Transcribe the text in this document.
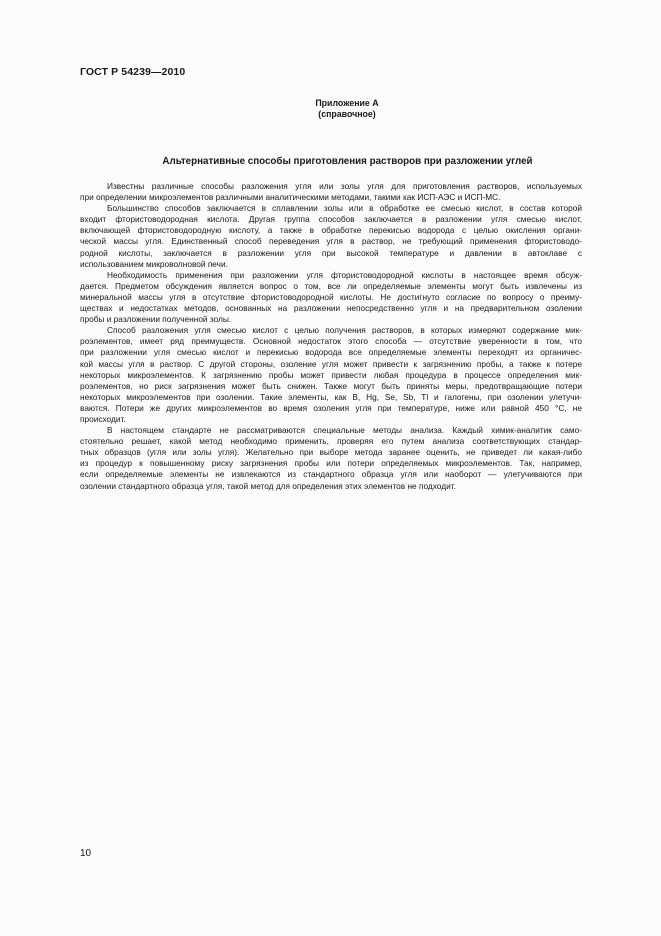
ГОСТ Р 54239—2010
Приложение А
(справочное)
Альтернативные способы приготовления растворов при разложении углей
Известны различные способы разложения угля или золы угля для приготовления растворов, используемых
при определении микроэлементов различными аналитическими методами, такими как ИСП-АЭС и ИСП-МС.
Большинство способов заключается в сплавлении золы или в обработке ее смесью кислот, в состав которой
входит фтористоводородная кислота. Другая группа способов заключается в разложении угля смесью кислот,
включающей фтористоводородную кислоту, а также в обработке перекисью водорода с целью окисления органи-
ческой массы угля. Единственный способ переведения угля в раствор, не требующий применения фтористоводо-
родной кислоты, заключается в разложении угля при высокой температуре и давлении в автоклаве с
использованием микроволновой печи.
Необходимость применения при разложении угля фтористоводородной кислоты в настоящее время обсуж-
дается. Предметом обсуждения является вопрос о том, все ли определяемые элементы могут быть извлечены из
минеральной массы угля в отсутствие фтористоводородной кислоты. Не достигнуто согласие по вопросу о преиму-
ществах и недостатках методов, основанных на разложении непосредственно угля и на предварительном озолении
пробы и разложении полученной золы.
Способ разложения угля смесью кислот с целью получения растворов, в которых измеряют содержание мик-
роэлементов, имеет ряд преимуществ. Основной недостаток этого способа — отсутствие уверенности в том, что
при разложении угля смесью кислот и перекисью водорода все определяемые элементы переходят из органичес-
кой массы угля в раствор. С другой стороны, озоление угля может привести к загрязнению пробы, а также к потере
некоторых микроэлементов. К загрязнению пробы может привести любая процедура в процессе определения мик-
роэлементов, но риск загрязнения может быть снижен. Также могут быть приняты меры, предотвращающие потери
некоторых микроэлементов при озолении. Такие элементы, как B, Hg, Se, Sb, Tl и галогены, при озолении улетучи-
ваются. Потери же других микроэлементов во время озоления угля при температуре, ниже или равной 450 °С, не
происходит.
В настоящем стандарте не рассматриваются специальные методы анализа. Каждый химик-аналитик само-
стоятельно решает, какой метод необходимо применить, проверяя его путем анализа соответствующих стандар-
тных образцов (угля или золы угля). Желательно при выборе метода заранее оценить, не приведет ли какая-либо
из процедур к повышенному риску загрязнения пробы или потери определяемых микроэлементов. Так, например,
если определяемые элементы не извлекаются из стандартного образца угля или наоборот — улетучиваются при
озолении стандартного образца угля, такой метод для определения этих элементов не подходит.
10
